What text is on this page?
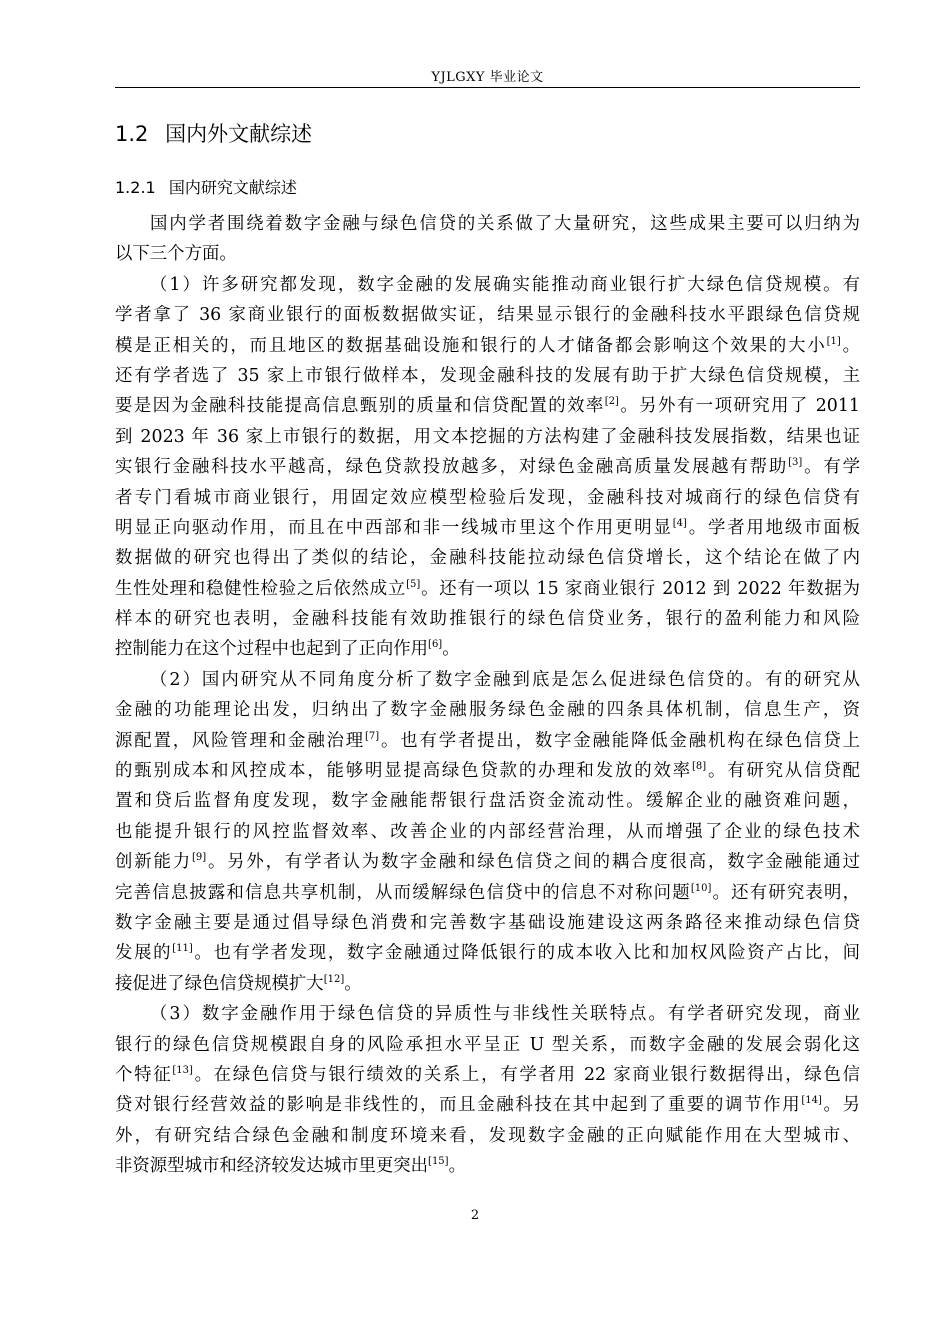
YJLGXY 毕业论文
1.2 国内外文献综述
1.2.1 国内研究文献综述
国内学者围绕着数字金融与绿色信贷的关系做了大量研究，这些成果主要可以归纳为
以下三个方面。
（1）许多研究都发现，数字金融的发展确实能推动商业银行扩大绿色信贷规模。有
学者拿了 36 家商业银行的面板数据做实证，结果显示银行的金融科技水平跟绿色信贷规
模是正相关的，而且地区的数据基础设施和银行的人才储备都会影响这个效果的大小[1]。
还有学者选了 35 家上市银行做样本，发现金融科技的发展有助于扩大绿色信贷规模，主
要是因为金融科技能提高信息甄别的质量和信贷配置的效率[2]。另外有一项研究用了 2011
到 2023 年 36 家上市银行的数据，用文本挖掘的方法构建了金融科技发展指数，结果也证
实银行金融科技水平越高，绿色贷款投放越多，对绿色金融高质量发展越有帮助[3]。有学
者专门看城市商业银行，用固定效应模型检验后发现，金融科技对城商行的绿色信贷有
明显正向驱动作用，而且在中西部和非一线城市里这个作用更明显[4]。学者用地级市面板
数据做的研究也得出了类似的结论，金融科技能拉动绿色信贷增长，这个结论在做了内
生性处理和稳健性检验之后依然成立[5]。还有一项以 15 家商业银行 2012 到 2022 年数据为
样本的研究也表明，金融科技能有效助推银行的绿色信贷业务，银行的盈利能力和风险
控制能力在这个过程中也起到了正向作用[6]。
（2）国内研究从不同角度分析了数字金融到底是怎么促进绿色信贷的。有的研究从
金融的功能理论出发，归纳出了数字金融服务绿色金融的四条具体机制，信息生产，资
源配置，风险管理和金融治理[7]。也有学者提出，数字金融能降低金融机构在绿色信贷上
的甄别成本和风控成本，能够明显提高绿色贷款的办理和发放的效率[8]。有研究从信贷配
置和贷后监督角度发现，数字金融能帮银行盘活资金流动性。缓解企业的融资难问题，
也能提升银行的风控监督效率、改善企业的内部经营治理，从而增强了企业的绿色技术
创新能力[9]。另外，有学者认为数字金融和绿色信贷之间的耦合度很高，数字金融能通过
完善信息披露和信息共享机制，从而缓解绿色信贷中的信息不对称问题[10]。还有研究表明，
数字金融主要是通过倡导绿色消费和完善数字基础设施建设这两条路径来推动绿色信贷
发展的[11]。也有学者发现，数字金融通过降低银行的成本收入比和加权风险资产占比，间
接促进了绿色信贷规模扩大[12]。
（3）数字金融作用于绿色信贷的异质性与非线性关联特点。有学者研究发现，商业
银行的绿色信贷规模跟自身的风险承担水平呈正 U 型关系，而数字金融的发展会弱化这
个特征[13]。在绿色信贷与银行绩效的关系上，有学者用 22 家商业银行数据得出，绿色信
贷对银行经营效益的影响是非线性的，而且金融科技在其中起到了重要的调节作用[14]。另
外，有研究结合绿色金融和制度环境来看，发现数字金融的正向赋能作用在大型城市、
非资源型城市和经济较发达城市里更突出[15]。
2
